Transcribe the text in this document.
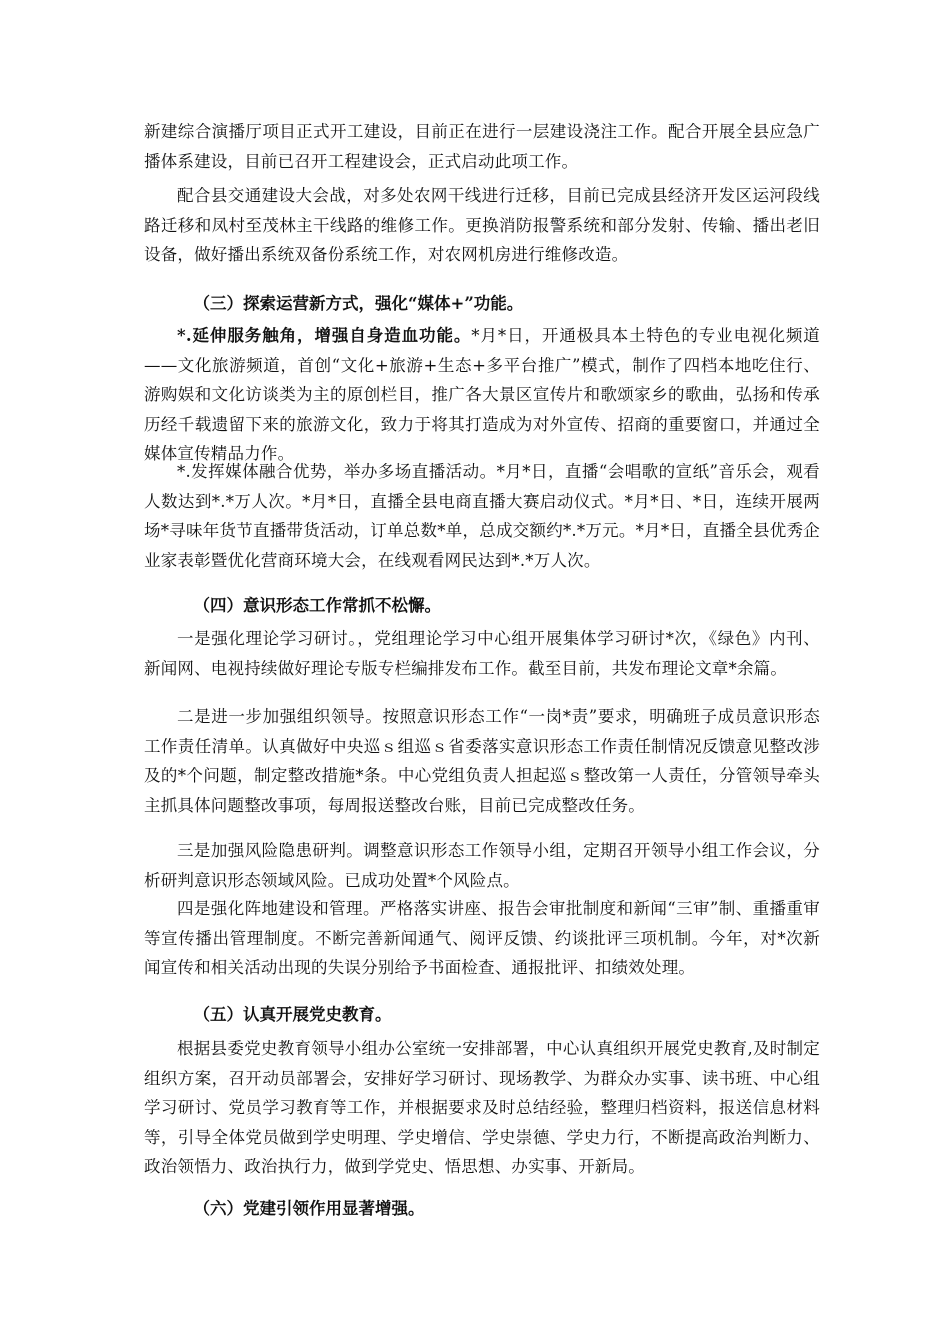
新建综合演播厅项目正式开工建设，目前正在进行一层建设浇注工作。配合开展全县应急广播体系建设，目前已召开工程建设会，正式启动此项工作。

配合县交通建设大会战，对多处农网干线进行迁移，目前已完成县经济开发区运河段线路迁移和凤村至茂林主干线路的维修工作。更换消防报警系统和部分发射、传输、播出老旧设备，做好播出系统双备份系统工作，对农网机房进行维修改造。

（三）探索运营新方式，强化“媒体+”功能。

*.延伸服务触角，增强自身造血功能。*月*日，开通极具本土特色的专业电视化频道——文化旅游频道，首创“文化+旅游+生态+多平台推广”模式，制作了四档本地吃住行、游购娱和文化访谈类为主的原创栏目，推广各大景区宣传片和歌颂家乡的歌曲，弘扬和传承历经千载遗留下来的旅游文化，致力于将其打造成为对外宣传、招商的重要窗口，并通过全媒体宣传精品力作。

*.发挥媒体融合优势，举办多场直播活动。*月*日，直播“会唱歌的宣纸”音乐会，观看人数达到*.*万人次。*月*日，直播全县电商直播大赛启动仪式。*月*日、*日，连续开展两场*寻味年货节直播带货活动，订单总数*单，总成交额约*.*万元。*月*日，直播全县优秀企业家表彰暨优化营商环境大会，在线观看网民达到*.*万人次。

（四）意识形态工作常抓不松懈。

一是强化理论学习研讨。，党组理论学习中心组开展集体学习研讨*次，《绿色》内刊、新闻网、电视持续做好理论专版专栏编排发布工作。截至目前，共发布理论文章*余篇。

二是进一步加强组织领导。按照意识形态工作“一岗*责”要求，明确班子成员意识形态工作责任清单。认真做好中央巡ｓ组巡ｓ省委落实意识形态工作责任制情况反馈意见整改涉及的*个问题，制定整改措施*条。中心党组负责人担起巡ｓ整改第一人责任，分管领导牵头主抓具体问题整改事项，每周报送整改台账，目前已完成整改任务。

三是加强风险隐患研判。调整意识形态工作领导小组，定期召开领导小组工作会议，分析研判意识形态领域风险。已成功处置*个风险点。

四是强化阵地建设和管理。严格落实讲座、报告会审批制度和新闻“三审”制、重播重审等宣传播出管理制度。不断完善新闻通气、阅评反馈、约谈批评三项机制。今年，对*次新闻宣传和相关活动出现的失误分别给予书面检查、通报批评、扣绩效处理。

（五）认真开展党史教育。

根据县委党史教育领导小组办公室统一安排部署，中心认真组织开展党史教育,及时制定组织方案，召开动员部署会，安排好学习研讨、现场教学、为群众办实事、读书班、中心组学习研讨、党员学习教育等工作，并根据要求及时总结经验，整理归档资料，报送信息材料等，引导全体党员做到学史明理、学史增信、学史崇德、学史力行，不断提高政治判断力、政治领悟力、政治执行力，做到学党史、悟思想、办实事、开新局。

（六）党建引领作用显著增强。
